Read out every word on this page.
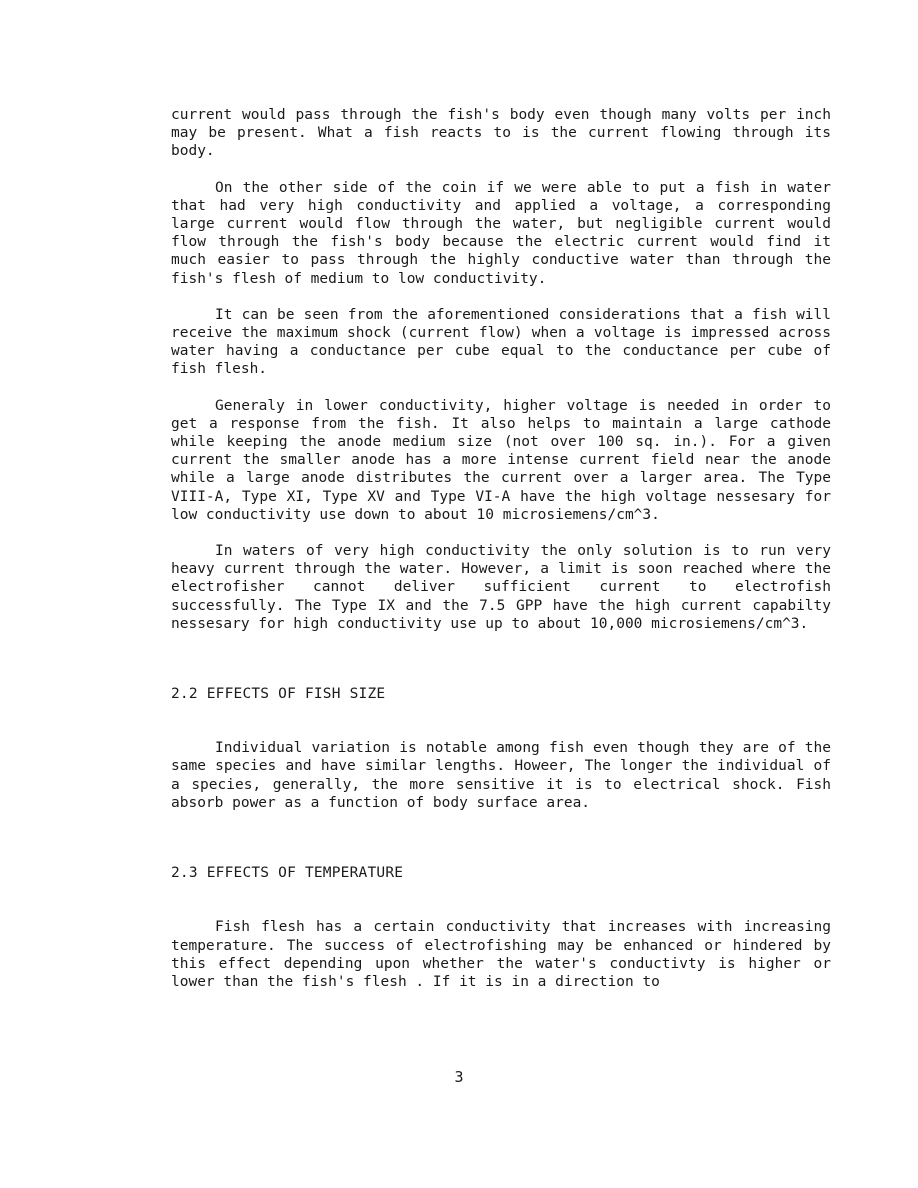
current would pass through the fish's body even though many volts per inch may be present. What a fish reacts to is the current flowing through its body.

On the other side of the coin if we were able to put a fish in water that had very high conductivity and applied a voltage, a corresponding large current would flow through the water, but negligible current would flow through the fish's body because the electric current would find it much easier to pass through the highly conductive water than through the fish's flesh of medium to low conductivity.

It can be seen from the aforementioned considerations that a fish will receive the maximum shock (current flow) when a voltage is impressed across water having a conductance per cube equal to the conductance per cube of fish flesh.

Generaly in lower conductivity, higher voltage is needed in order to get a response from the fish. It also helps to maintain a large cathode while keeping the anode medium size (not over 100 sq. in.). For a given current the smaller anode has a more intense current field near the anode while a large anode distributes the current over a larger area. The Type VIII-A, Type XI, Type XV and Type VI-A have the high voltage nessesary for low conductivity use down to about 10 microsiemens/cm^3.

In waters of very high conductivity the only solution is to run very heavy current through the water. However, a limit is soon reached where the electrofisher cannot deliver sufficient current to electrofish successfully. The Type IX and the 7.5 GPP have the high current capabilty nessesary for high conductivity use up to about 10,000 microsiemens/cm^3.

2.2 EFFECTS OF FISH SIZE

Individual variation is notable among fish even though they are of the same species and have similar lengths. Howeer, The longer the individual of a species, generally, the more sensitive it is to electrical shock. Fish absorb power as a function of body surface area.

2.3 EFFECTS OF TEMPERATURE

Fish flesh has a certain conductivity that increases with increasing temperature. The success of electrofishing may be enhanced or hindered by this effect depending upon whether the water's conductivty is higher or lower than the fish's flesh . If it is in a direction to

3
